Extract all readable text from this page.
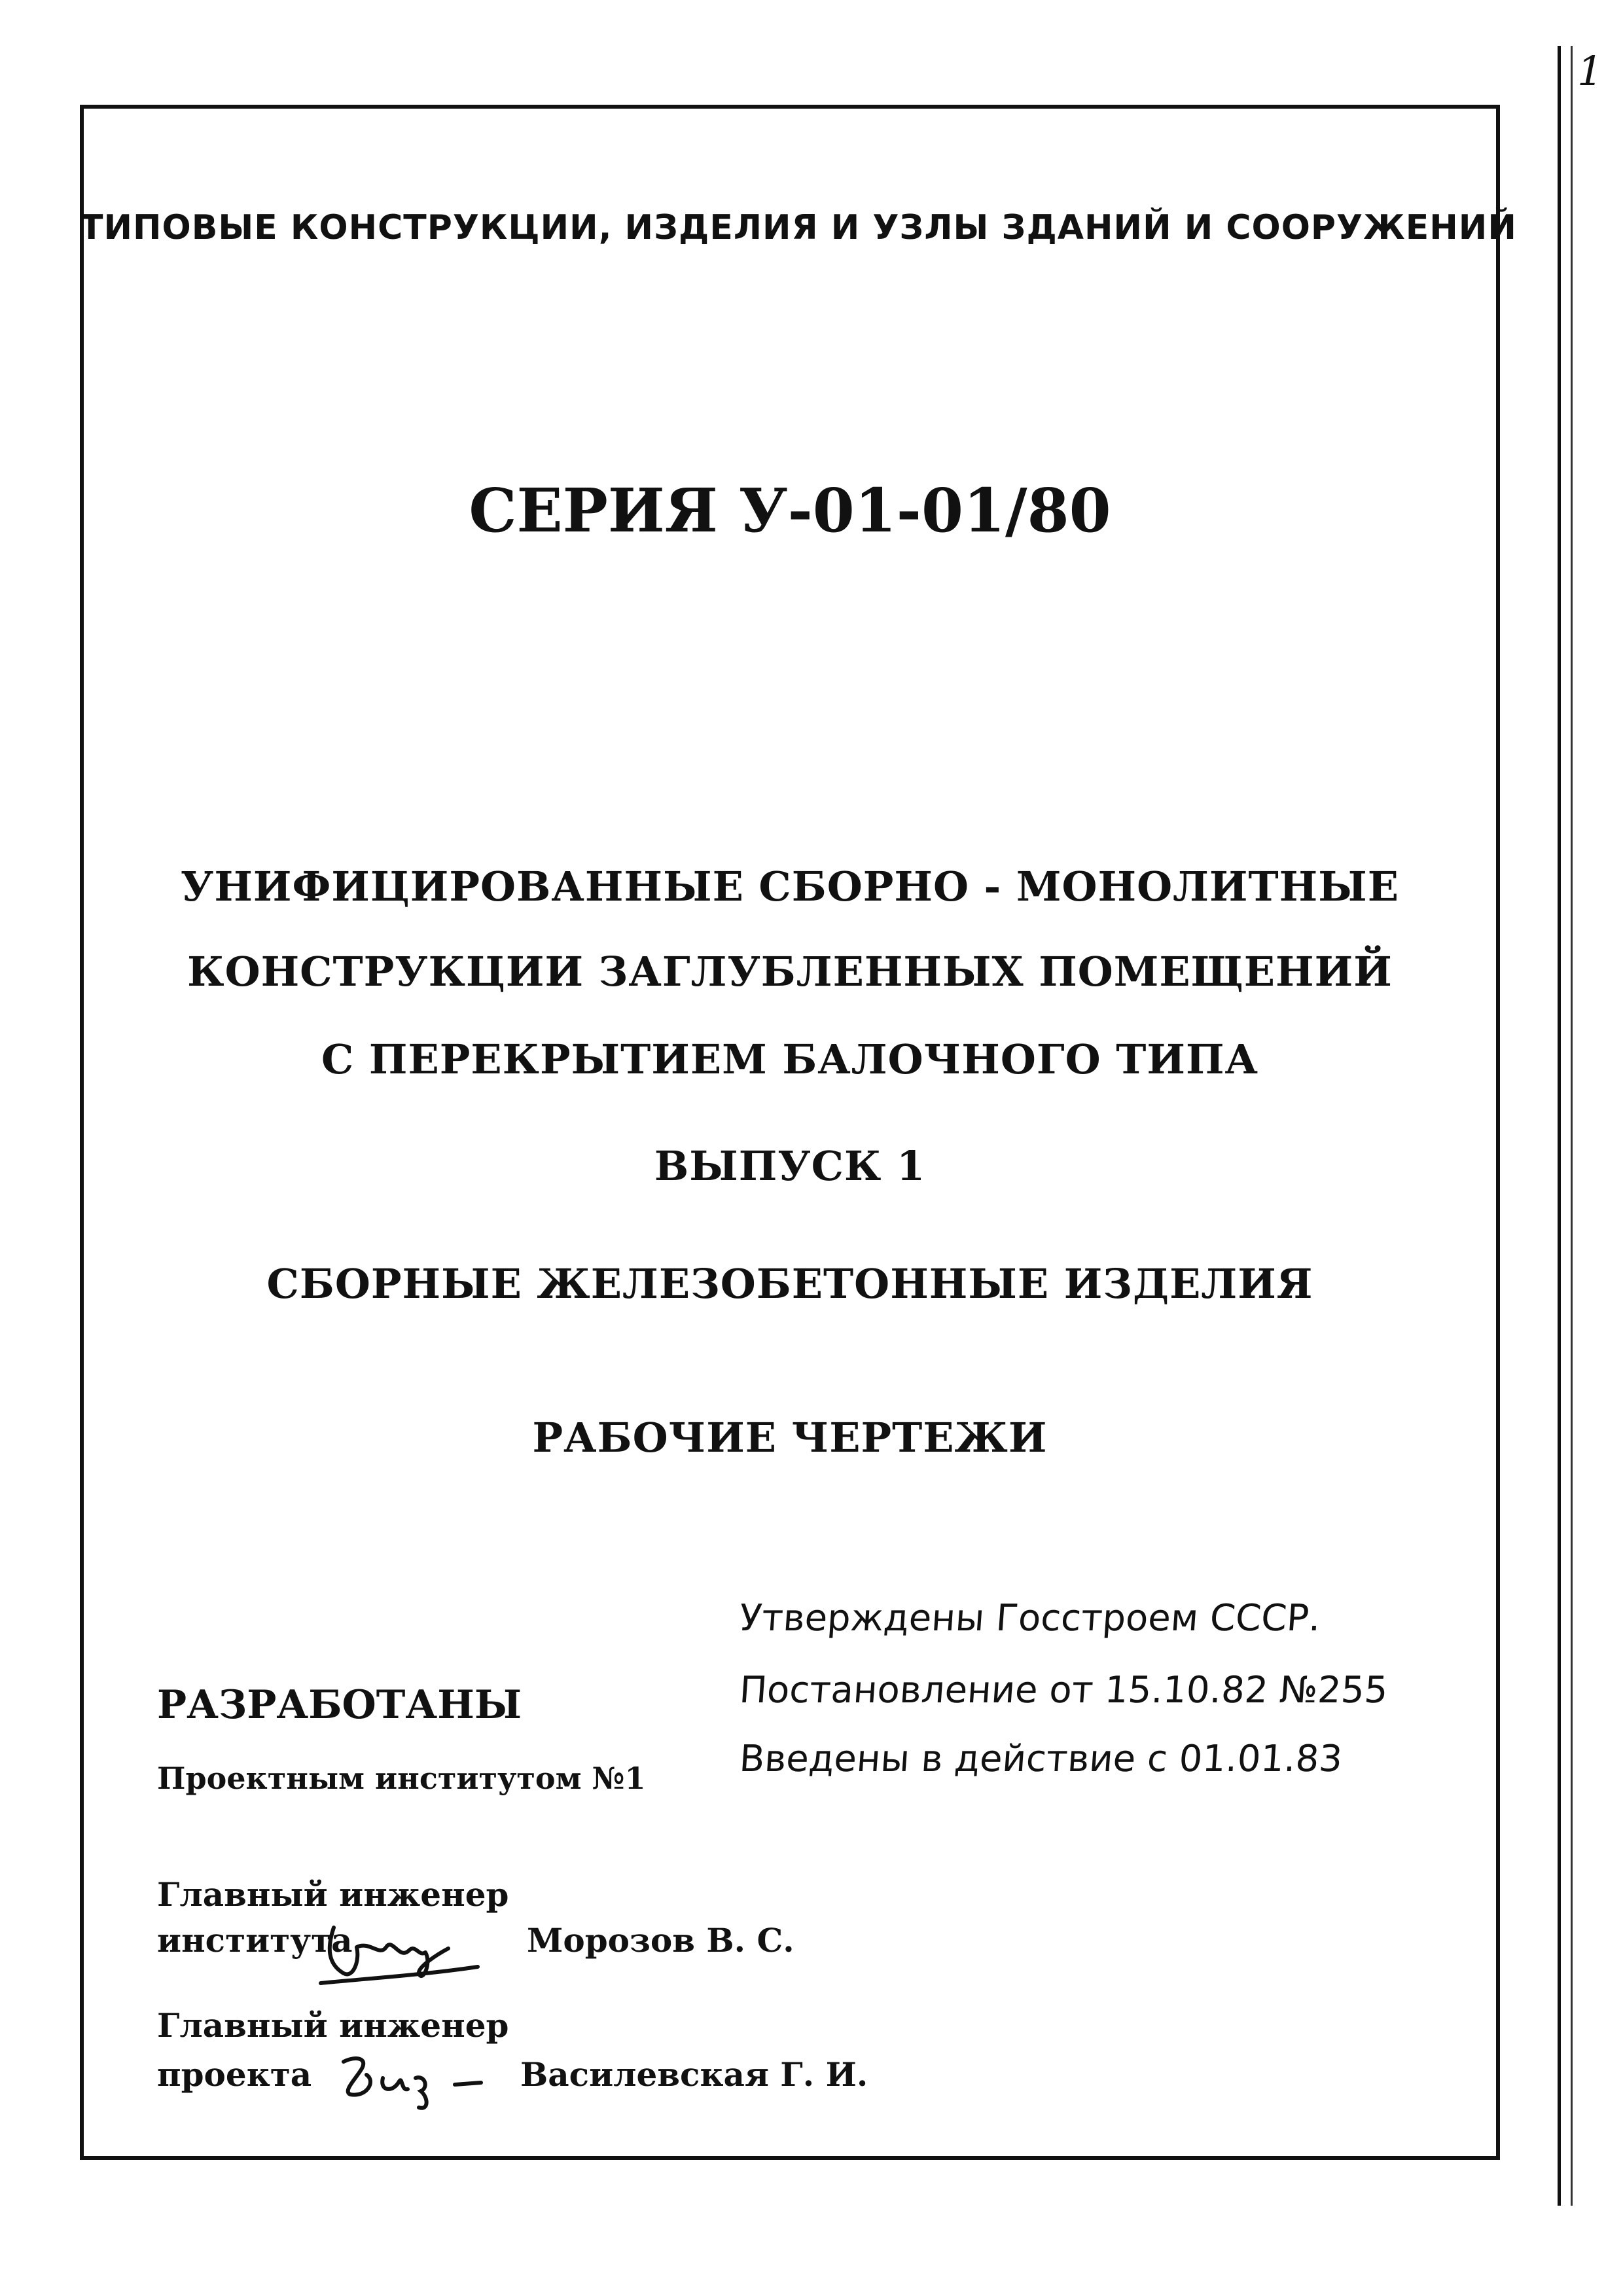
1
ТИПОВЫЕ КОНСТРУКЦИИ, ИЗДЕЛИЯ И УЗЛЫ ЗДАНИЙ И СООРУЖЕНИЙ
СЕРИЯ У-01-01/80
УНИФИЦИРОВАННЫЕ СБОРНО - МОНОЛИТНЫЕ
КОНСТРУКЦИИ ЗАГЛУБЛЕННЫХ ПОМЕЩЕНИЙ
С ПЕРЕКРЫТИЕМ БАЛОЧНОГО ТИПА
ВЫПУСК 1
СБОРНЫЕ ЖЕЛЕЗОБЕТОННЫЕ ИЗДЕЛИЯ
РАБОЧИЕ ЧЕРТЕЖИ
Утверждены Госстроем СССР.
Постановление от 15.10.82 №255
Введены в действие с 01.01.83
РАЗРАБОТАНЫ
Проектным институтом №1
Главный инженер
института	Морозов В. С.
Главный инженер
проекта	Василевская Г. И.
